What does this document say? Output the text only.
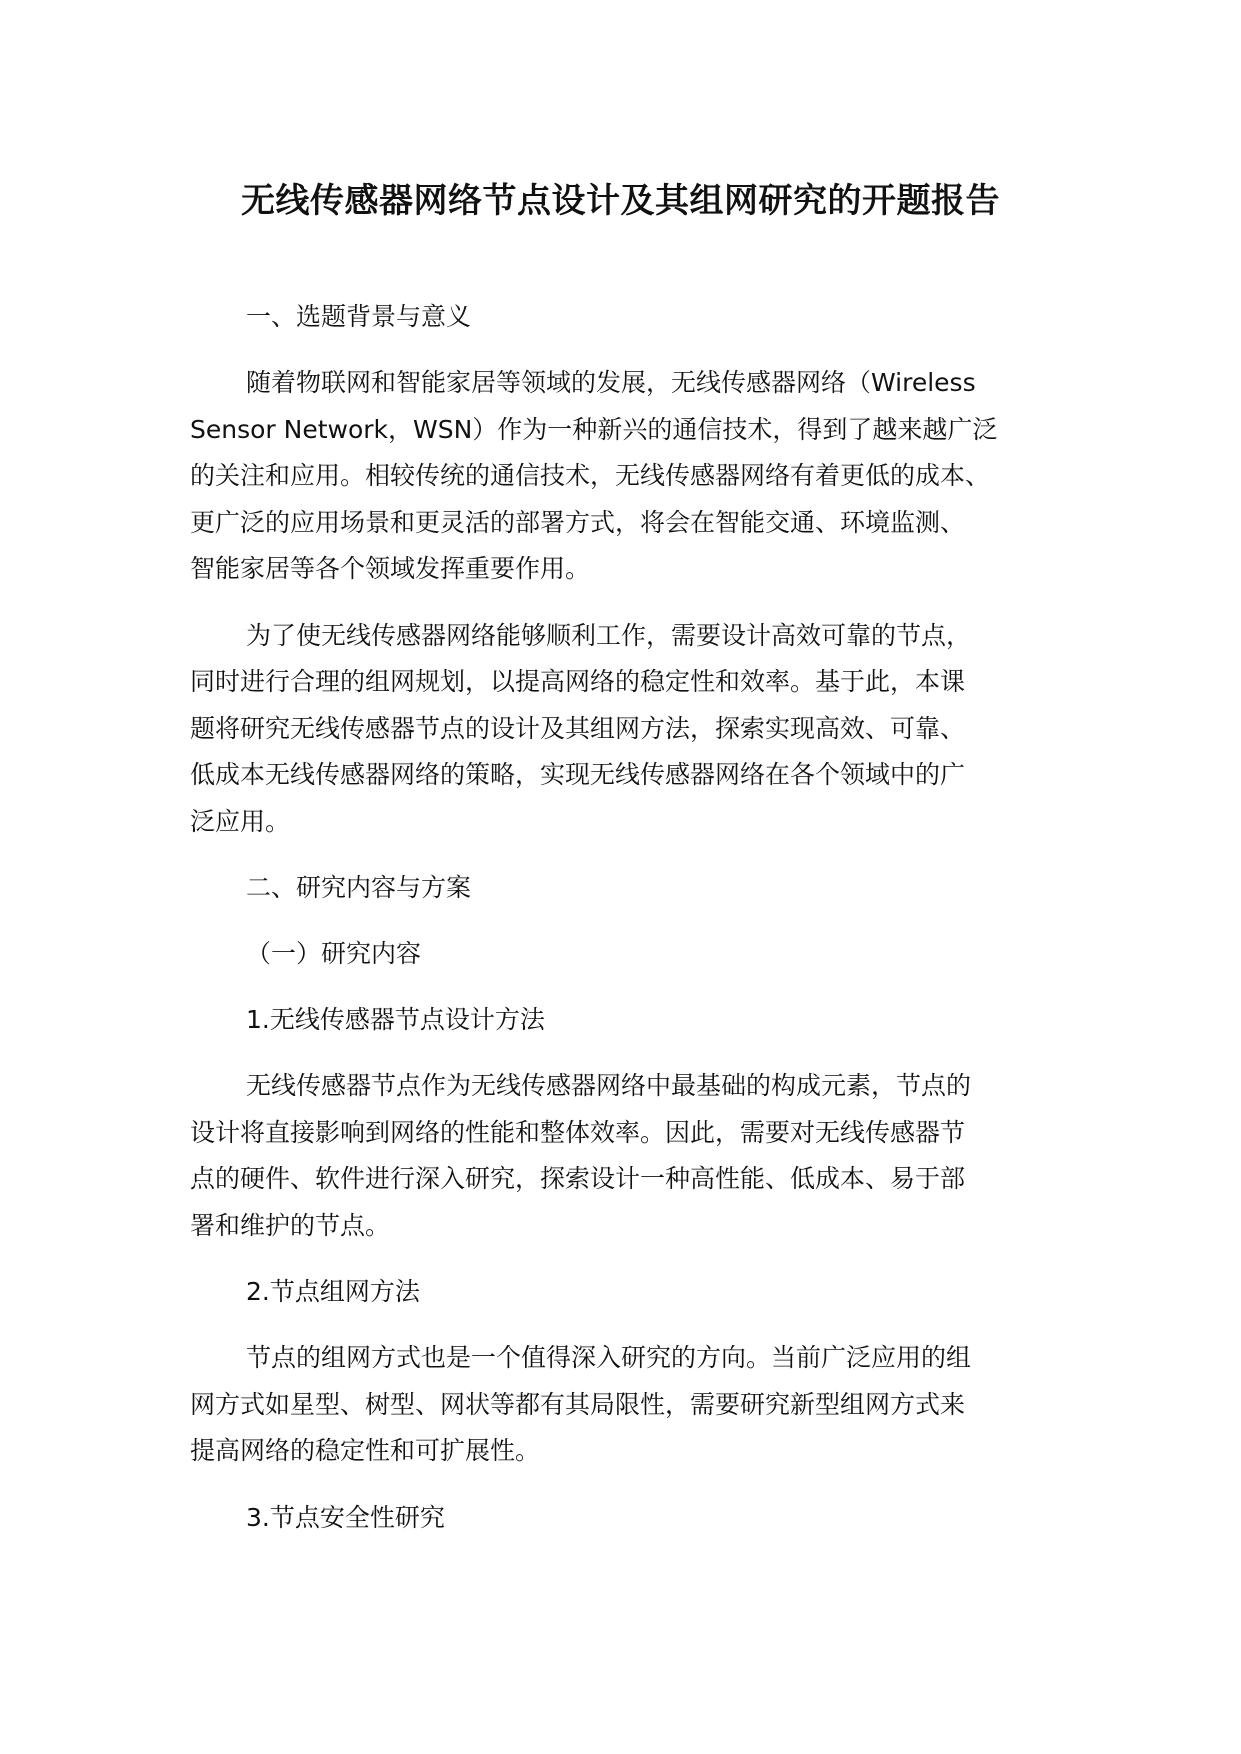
无线传感器网络节点设计及其组网研究的开题报告
一、选题背景与意义
随着物联网和智能家居等领域的发展，无线传感器网络（Wireless
Sensor Network，WSN）作为一种新兴的通信技术，得到了越来越广泛
的关注和应用。相较传统的通信技术，无线传感器网络有着更低的成本、
更广泛的应用场景和更灵活的部署方式，将会在智能交通、环境监测、
智能家居等各个领域发挥重要作用。
为了使无线传感器网络能够顺利工作，需要设计高效可靠的节点，
同时进行合理的组网规划，以提高网络的稳定性和效率。基于此，本课
题将研究无线传感器节点的设计及其组网方法，探索实现高效、可靠、
低成本无线传感器网络的策略，实现无线传感器网络在各个领域中的广
泛应用。
二、研究内容与方案
（一）研究内容
1.无线传感器节点设计方法
无线传感器节点作为无线传感器网络中最基础的构成元素，节点的
设计将直接影响到网络的性能和整体效率。因此，需要对无线传感器节
点的硬件、软件进行深入研究，探索设计一种高性能、低成本、易于部
署和维护的节点。
2.节点组网方法
节点的组网方式也是一个值得深入研究的方向。当前广泛应用的组
网方式如星型、树型、网状等都有其局限性，需要研究新型组网方式来
提高网络的稳定性和可扩展性。
3.节点安全性研究
